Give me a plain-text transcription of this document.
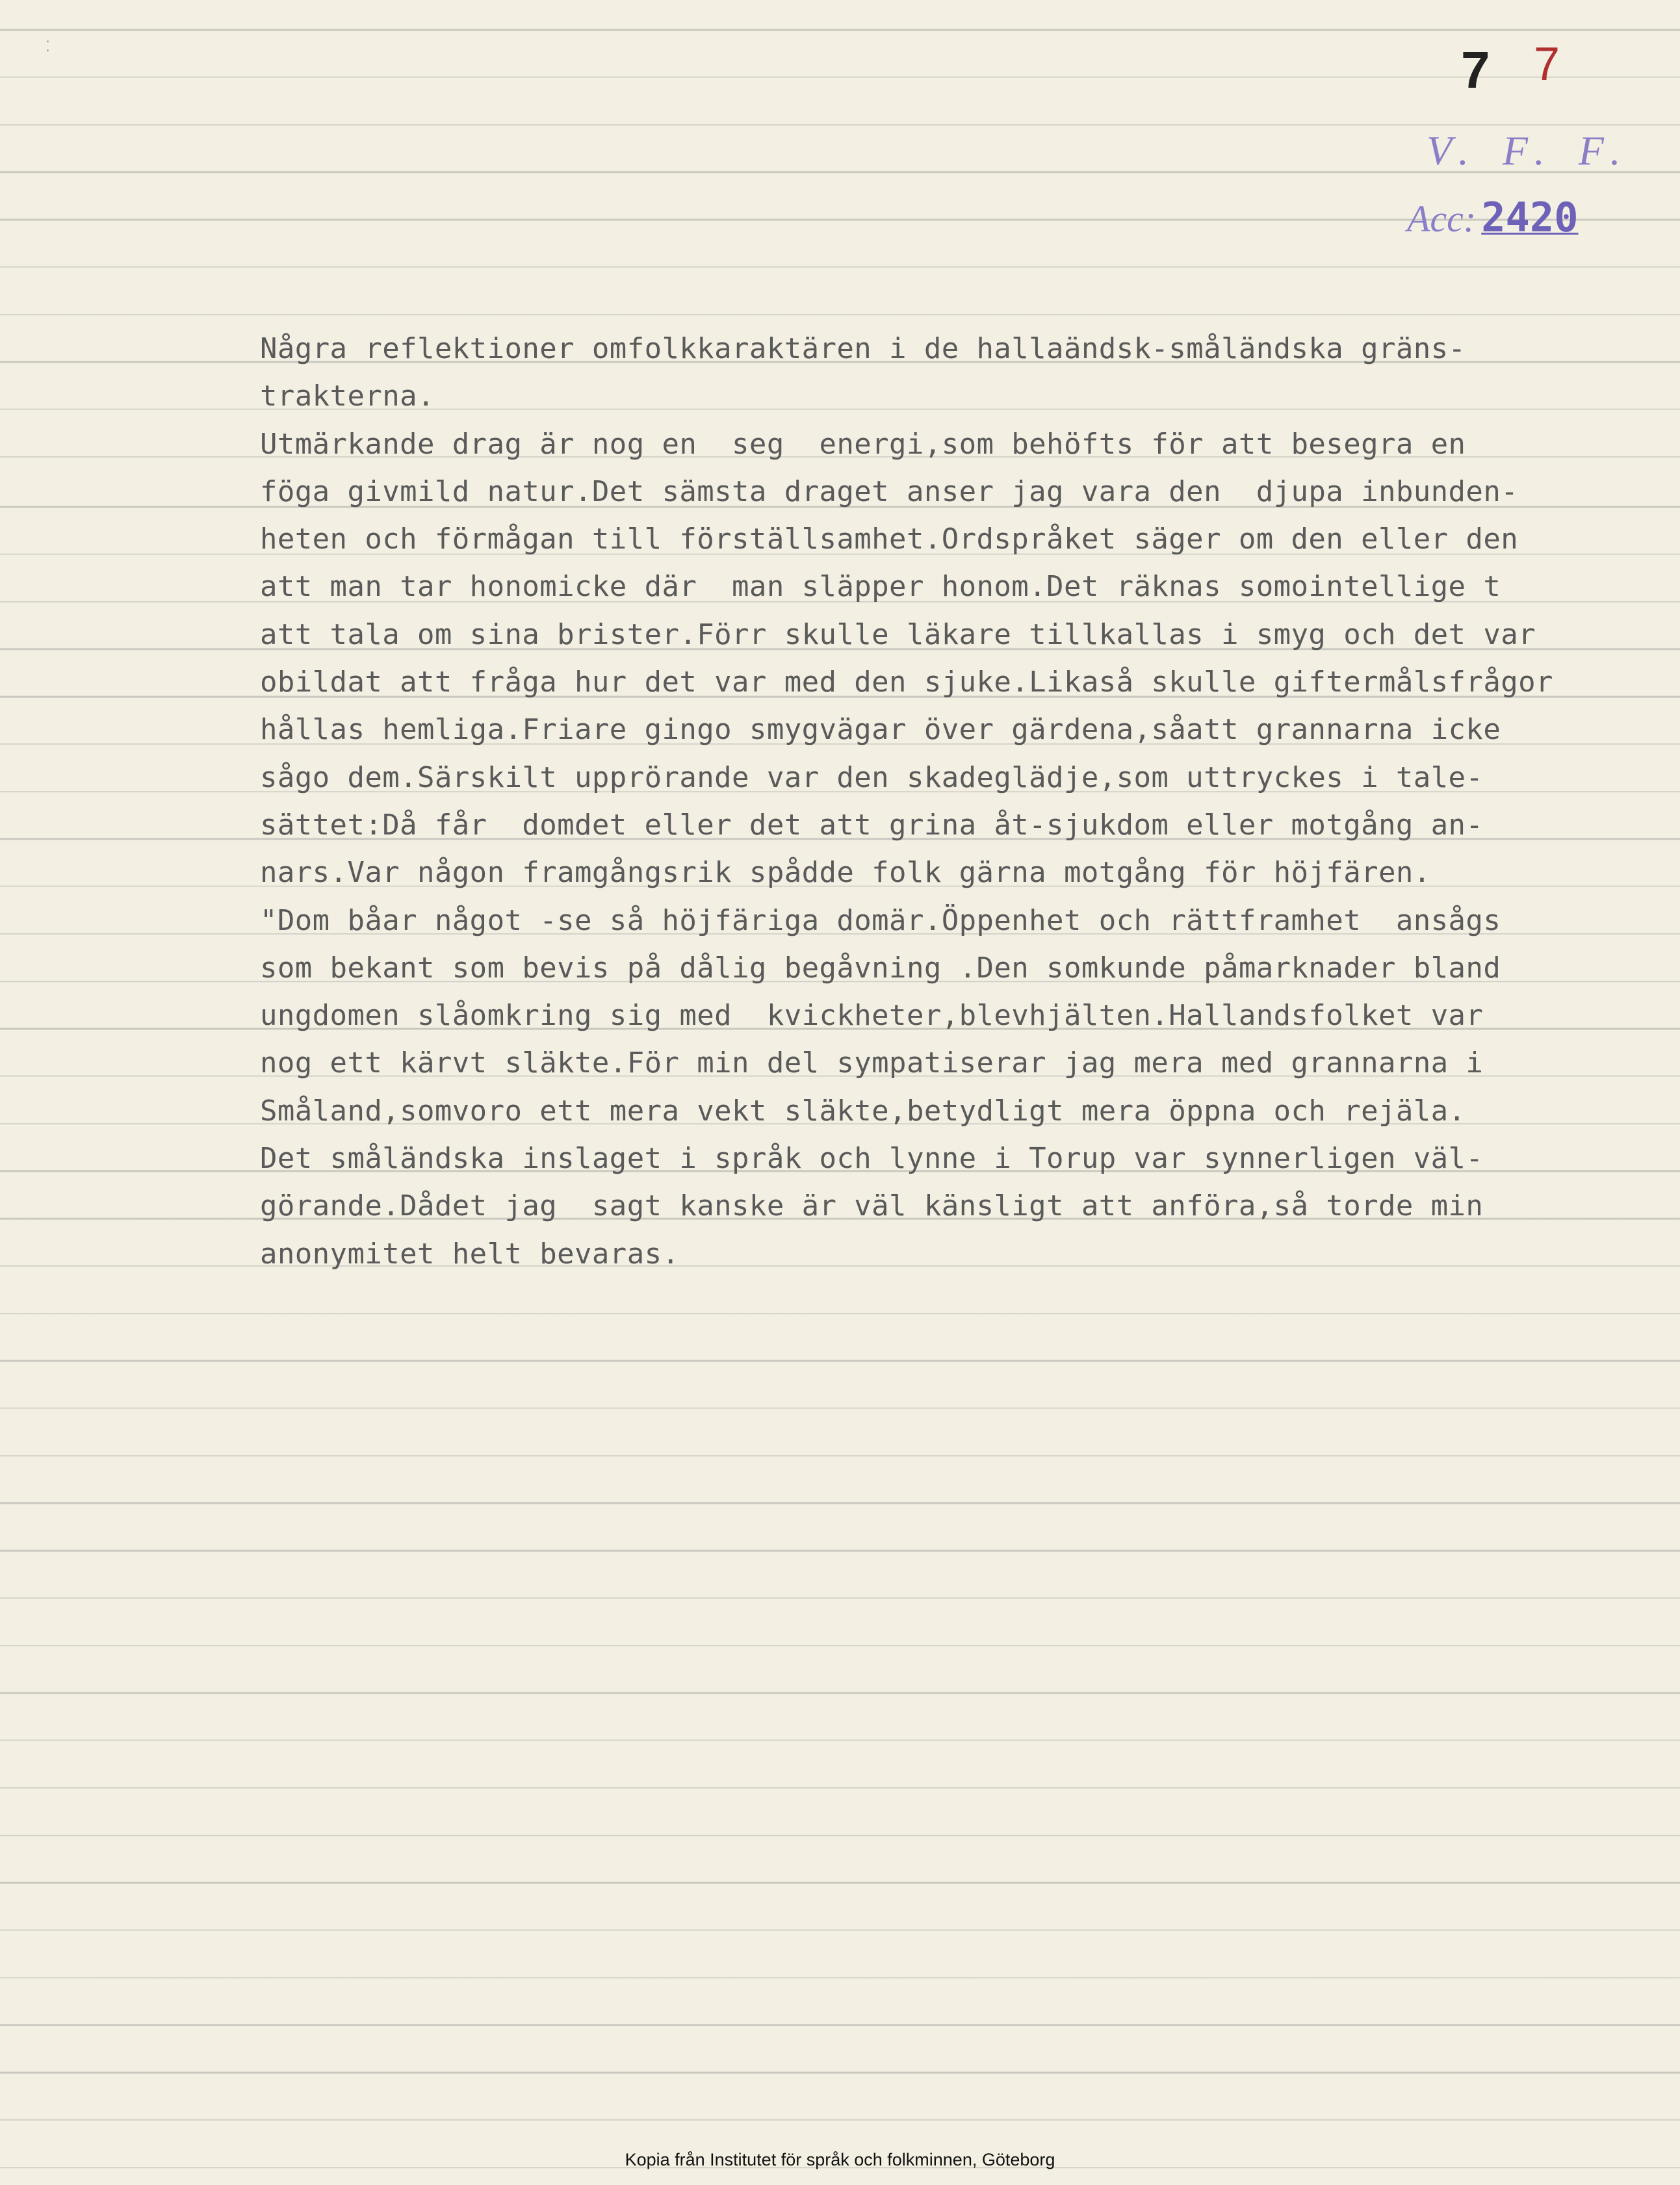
⁚	7 7
V. F. F.
Acc: 2420
Några reflektioner omfolkkaraktären i de hallaändsk-småländska gräns-
trakterna.
Utmärkande drag är nog en  seg  energi,som behöfts för att besegra en
föga givmild natur.Det sämsta draget anser jag vara den  djupa inbunden-
heten och förmågan till förställsamhet.Ordspråket säger om den eller den
att man tar honomicke där  man släpper honom.Det räknas somointellige t
att tala om sina brister.Förr skulle läkare tillkallas i smyg och det var
obildat att fråga hur det var med den sjuke.Likaså skulle giftermålsfrågor
hållas hemliga.Friare gingo smygvägar över gärdena,såatt grannarna icke
sågo dem.Särskilt upprörande var den skadeglädje,som uttryckes i tale-
sättet:Då får  domdet eller det att grina åt-sjukdom eller motgång an-
nars.Var någon framgångsrik spådde folk gärna motgång för höjfären.
"Dom båar något -se så höjfäriga domär.Öppenhet och rättframhet  ansågs
som bekant som bevis på dålig begåvning .Den somkunde påmarknader bland
ungdomen slåomkring sig med  kvickheter,blevhjälten.Hallandsfolket var
nog ett kärvt släkte.För min del sympatiserar jag mera med grannarna i
Småland,somvoro ett mera vekt släkte,betydligt mera öppna och rejäla.
Det småländska inslaget i språk och lynne i Torup var synnerligen väl-
görande.Dådet jag  sagt kanske är väl känsligt att anföra,så torde min
anonymitet helt bevaras.
Kopia från Institutet för språk och folkminnen, Göteborg
